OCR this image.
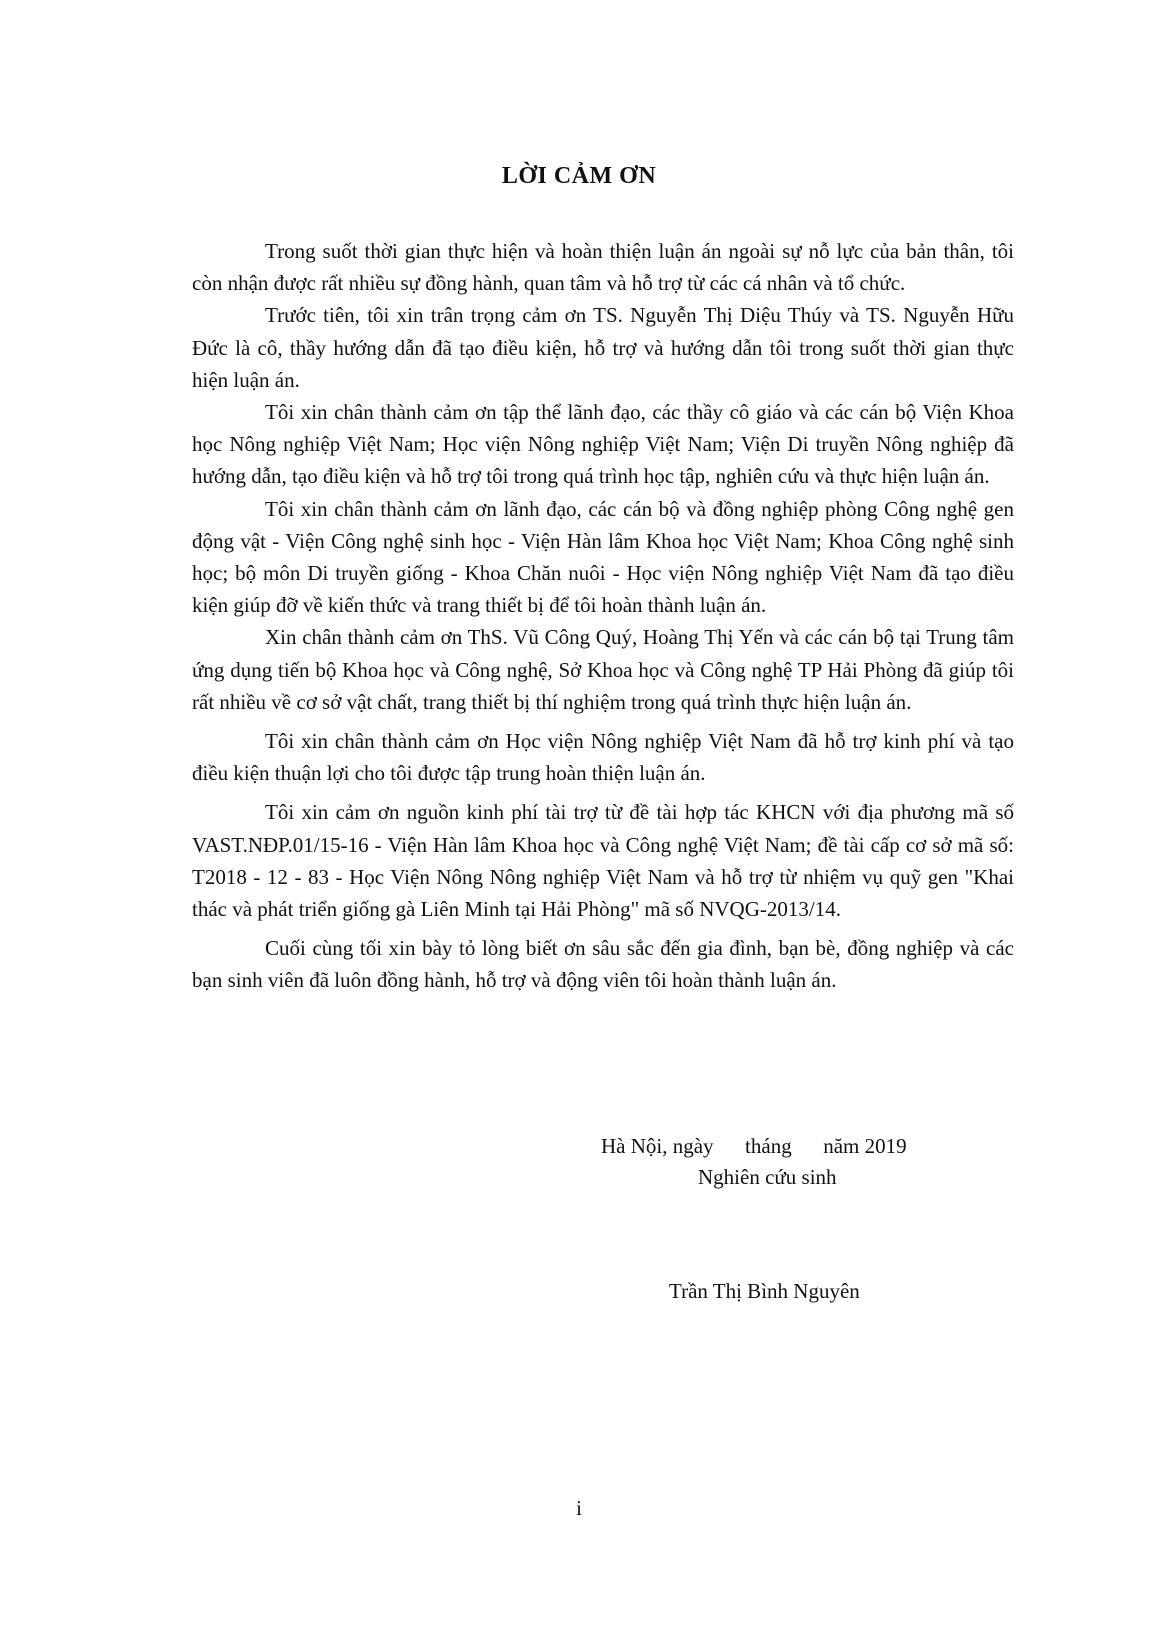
LỜI CẢM ƠN

Trong suốt thời gian thực hiện và hoàn thiện luận án ngoài sự nỗ lực của bản thân, tôi còn nhận được rất nhiều sự đồng hành, quan tâm và hỗ trợ từ các cá nhân và tổ chức.

Trước tiên, tôi xin trân trọng cảm ơn TS. Nguyễn Thị Diệu Thúy và TS. Nguyễn Hữu Đức là cô, thầy hướng dẫn đã tạo điều kiện, hỗ trợ và hướng dẫn tôi trong suốt thời gian thực hiện luận án.

Tôi xin chân thành cảm ơn tập thể lãnh đạo, các thầy cô giáo và các cán bộ Viện Khoa học Nông nghiệp Việt Nam; Học viện Nông nghiệp Việt Nam; Viện Di truyền Nông nghiệp đã hướng dẫn, tạo điều kiện và hỗ trợ tôi trong quá trình học tập, nghiên cứu và thực hiện luận án.

Tôi xin chân thành cảm ơn lãnh đạo, các cán bộ và đồng nghiệp phòng Công nghệ gen động vật - Viện Công nghệ sinh học - Viện Hàn lâm Khoa học Việt Nam; Khoa Công nghệ sinh học; bộ môn Di truyền giống - Khoa Chăn nuôi - Học viện Nông nghiệp Việt Nam đã tạo điều kiện giúp đỡ về kiến thức và trang thiết bị để tôi hoàn thành luận án.

Xin chân thành cảm ơn ThS. Vũ Công Quý, Hoàng Thị Yến và các cán bộ tại Trung tâm ứng dụng tiến bộ Khoa học và Công nghệ, Sở Khoa học và Công nghệ TP Hải Phòng đã giúp tôi rất nhiều về cơ sở vật chất, trang thiết bị thí nghiệm trong quá trình thực hiện luận án.

Tôi xin chân thành cảm ơn Học viện Nông nghiệp Việt Nam đã hỗ trợ kinh phí và tạo điều kiện thuận lợi cho tôi được tập trung hoàn thiện luận án.

Tôi xin cảm ơn nguồn kinh phí tài trợ từ đề tài hợp tác KHCN với địa phương mã số VAST.NĐP.01/15-16 - Viện Hàn lâm Khoa học và Công nghệ Việt Nam; đề tài cấp cơ sở mã số: T2018 - 12 - 83 - Học Viện Nông Nông nghiệp Việt Nam và hỗ trợ từ nhiệm vụ quỹ gen "Khai thác và phát triển giống gà Liên Minh tại Hải Phòng" mã số NVQG-2013/14.

Cuối cùng tối xin bày tỏ lòng biết ơn sâu sắc đến gia đình, bạn bè, đồng nghiệp và các bạn sinh viên đã luôn đồng hành, hỗ trợ và động viên tôi hoàn thành luận án.

Hà Nội, ngày      tháng      năm 2019
Nghiên cứu sinh
Trần Thị Bình Nguyên
i
